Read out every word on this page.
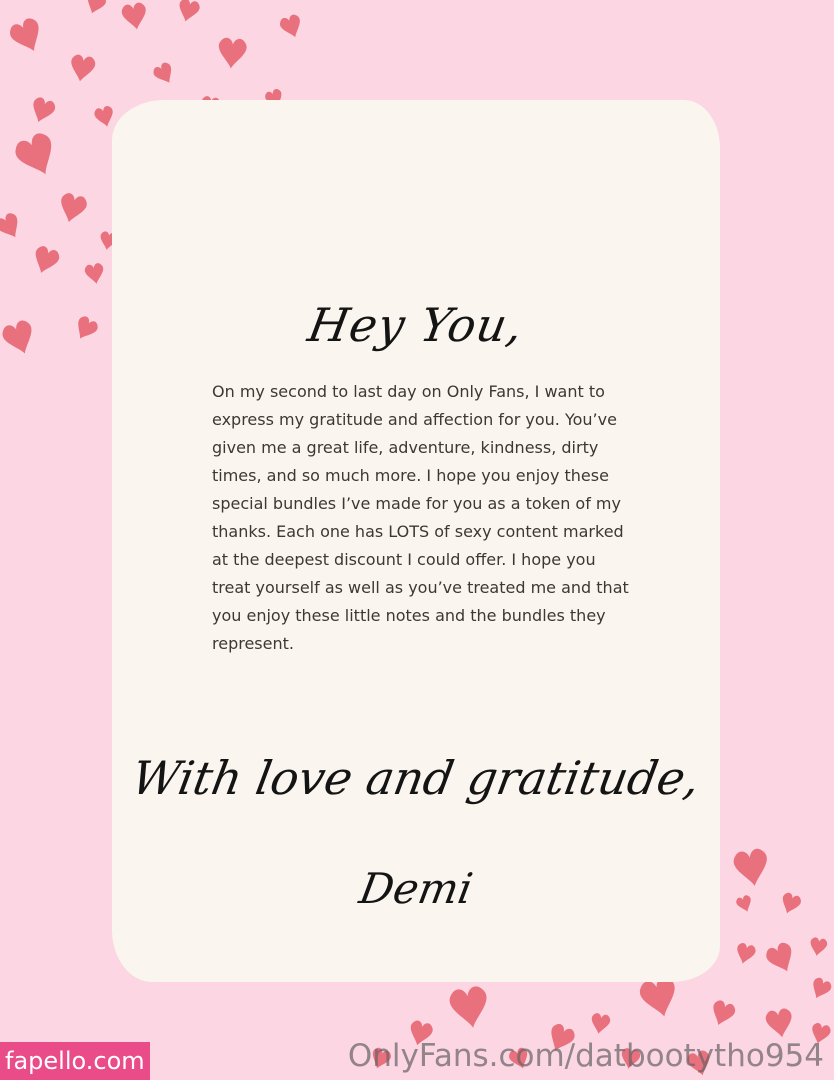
Hey You,

On my second to last day on Only Fans, I want to express my gratitude and affection for you. You’ve given me a great life, adventure, kindness, dirty times, and so much more. I hope you enjoy these special bundles I’ve made for you as a token of my thanks. Each one has LOTS of sexy content marked at the deepest discount I could offer. I hope you treat yourself as well as you’ve treated me and that you enjoy these little notes and the bundles they represent.

With love and gratitude,
Demi
fapello.com	OnlyFans.com/datbootytho954
